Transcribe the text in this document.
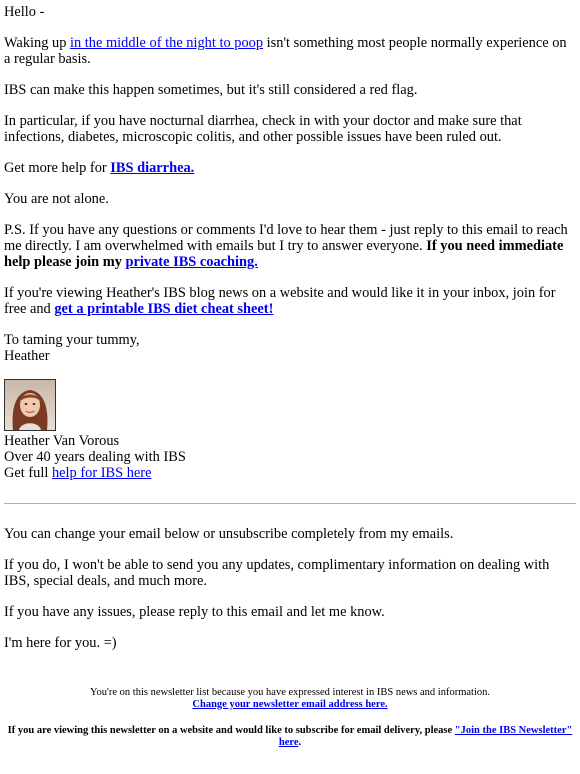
Hello -

Waking up in the middle of the night to poop isn't something most people normally experience on a regular basis.

IBS can make this happen sometimes, but it's still considered a red flag.

In particular, if you have nocturnal diarrhea, check in with your doctor and make sure that infections, diabetes, microscopic colitis, and other possible issues have been ruled out.

Get more help for IBS diarrhea.

You are not alone.

P.S. If you have any questions or comments I'd love to hear them - just reply to this email to reach me directly. I am overwhelmed with emails but I try to answer everyone. If you need immediate help please join my private IBS coaching.

If you're viewing Heather's IBS blog news on a website and would like it in your inbox, join for free and get a printable IBS diet cheat sheet!

To taming your tummy,
Heather

Heather Van Vorous
Over 40 years dealing with IBS
Get full help for IBS here

You can change your email below or unsubscribe completely from my emails.

If you do, I won't be able to send you any updates, complimentary information on dealing with IBS, special deals, and much more.

If you have any issues, please reply to this email and let me know.

I'm here for you. =)

You're on this newsletter list because you have expressed interest in IBS news and information.
Change your newsletter email address here.
If you are viewing this newsletter on a website and would like to subscribe for email delivery, please "Join the IBS Newsletter" here.
